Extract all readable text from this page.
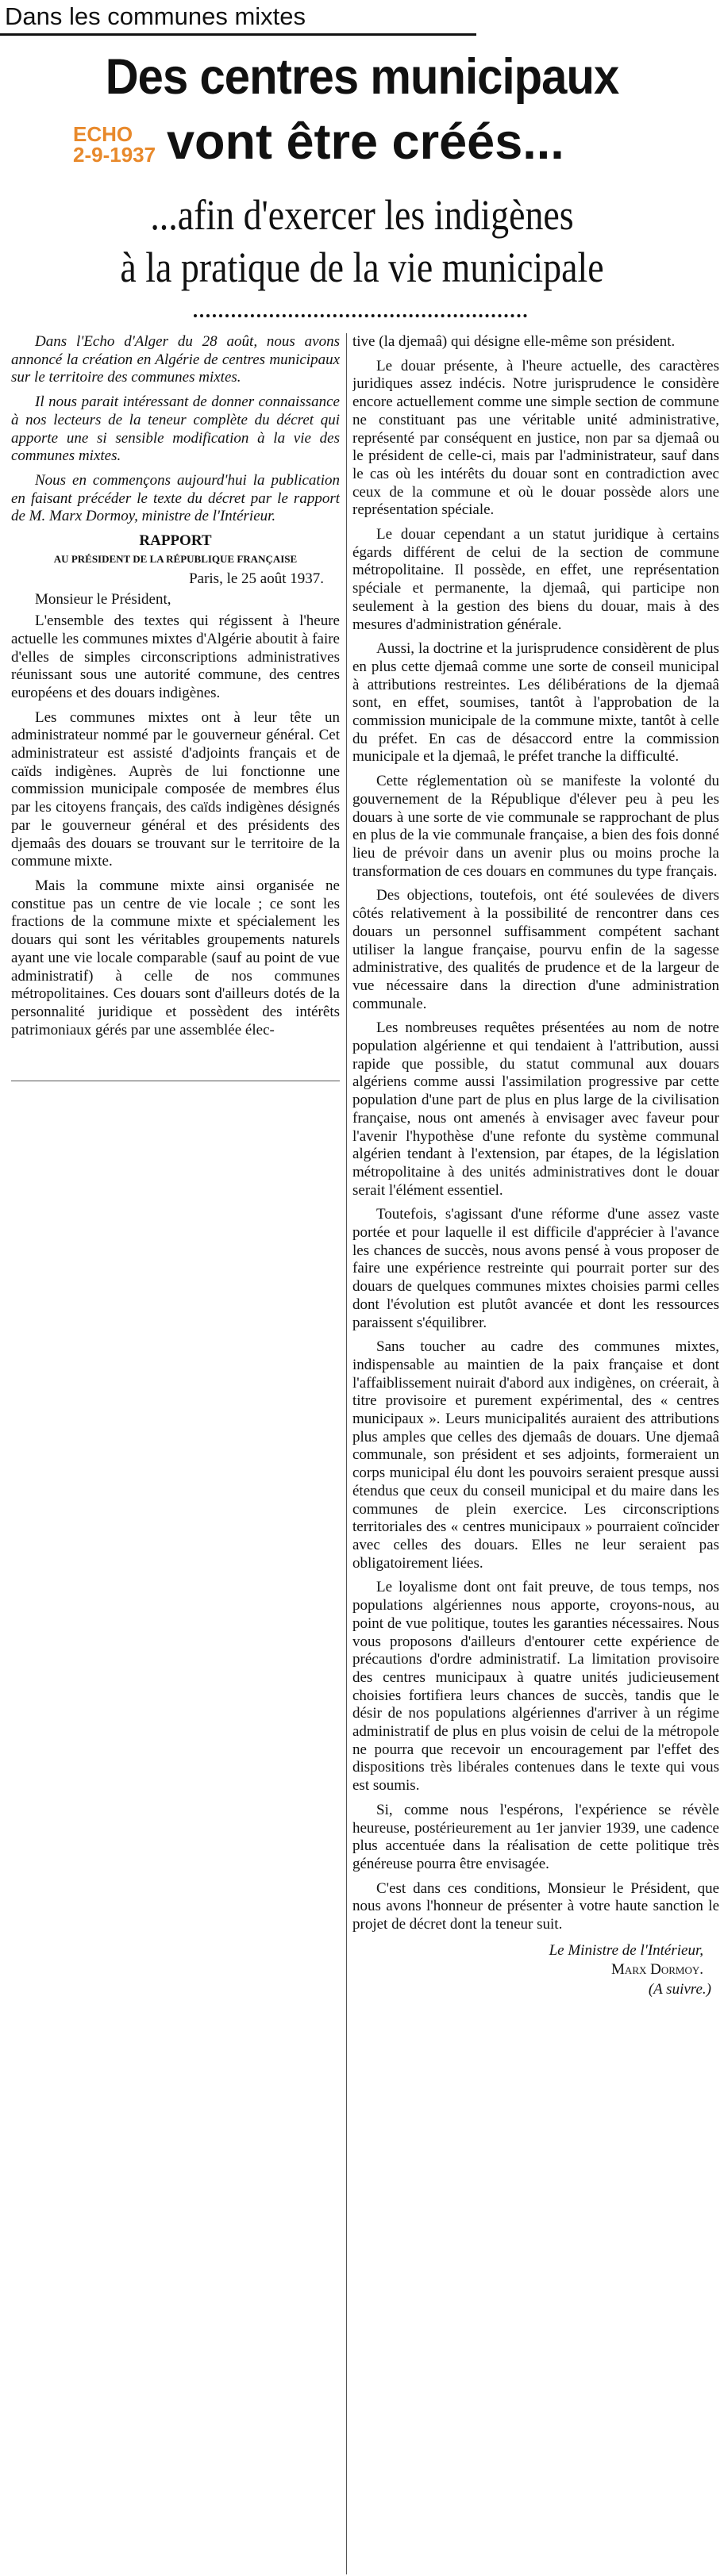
Dans les communes mixtes
Des centres municipaux
ECHO
2-9-1937 vont être créés...
...afin d'exercer les indigènes
à la pratique de la vie municipale

Dans l'Echo d'Alger du 28 août, nous avons annoncé la création en Algérie de centres municipaux sur le territoire des communes mixtes.

Il nous parait intéressant de donner connaissance à nos lecteurs de la teneur complète du décret qui apporte une si sensible modification à la vie des communes mixtes.

Nous en commençons aujourd'hui la publication en faisant précéder le texte du décret par le rapport de M. Marx Dormoy, ministre de l'Intérieur.

RAPPORT

AU PRÉSIDENT DE LA RÉPUBLIQUE FRANÇAISE

Paris, le 25 août 1937.

Monsieur le Président,

L'ensemble des textes qui régissent à l'heure actuelle les communes mixtes d'Algérie aboutit à faire d'elles de simples circonscriptions administratives réunissant sous une autorité commune, des centres européens et des douars indigènes.

Les communes mixtes ont à leur tête un administrateur nommé par le gouverneur général. Cet administrateur est assisté d'adjoints français et de caïds indigènes. Auprès de lui fonctionne une commission municipale composée de membres élus par les citoyens français, des caïds indigènes désignés par le gouverneur général et des présidents des djemaâs des douars se trouvant sur le territoire de la commune mixte.

Mais la commune mixte ainsi organisée ne constitue pas un centre de vie locale ; ce sont les fractions de la commune mixte et spécialement les douars qui sont les véritables groupements naturels ayant une vie locale comparable (sauf au point de vue administratif) à celle de nos communes métropolitaines. Ces douars sont d'ailleurs dotés de la personnalité juridique et possèdent des intérêts patrimoniaux gérés par une assemblée élec-

tive (la djemaâ) qui désigne elle-même son président.

Le douar présente, à l'heure actuelle, des caractères juridiques assez indécis. Notre jurisprudence le considère encore actuellement comme une simple section de commune ne constituant pas une véritable unité administrative, représenté par conséquent en justice, non par sa djemaâ ou le président de celle-ci, mais par l'administrateur, sauf dans le cas où les intérêts du douar sont en contradiction avec ceux de la commune et où le douar possède alors une représentation spéciale.

Le douar cependant a un statut juridique à certains égards différent de celui de la section de commune métropolitaine. Il possède, en effet, une représentation spéciale et permanente, la djemaâ, qui participe non seulement à la gestion des biens du douar, mais à des mesures d'administration générale.

Aussi, la doctrine et la jurisprudence considèrent de plus en plus cette djemaâ comme une sorte de conseil municipal à attributions restreintes. Les délibérations de la djemaâ sont, en effet, soumises, tantôt à l'approbation de la commission municipale de la commune mixte, tantôt à celle du préfet. En cas de désaccord entre la commission municipale et la djemaâ, le préfet tranche la difficulté.

Cette réglementation où se manifeste la volonté du gouvernement de la République d'élever peu à peu les douars à une sorte de vie communale se rapprochant de plus en plus de la vie communale française, a bien des fois donné lieu de prévoir dans un avenir plus ou moins proche la transformation de ces douars en communes du type français.

Des objections, toutefois, ont été soulevées de divers côtés relativement à la possibilité de rencontrer dans ces douars un personnel suffisamment compétent sachant utiliser la langue française, pourvu enfin de la sagesse administrative, des qualités de prudence et de la largeur de vue nécessaire dans la direction d'une administration communale.

Les nombreuses requêtes présentées au nom de notre population algérienne et qui tendaient à l'attribution, aussi rapide que possible, du statut communal aux douars algériens comme aussi l'assimilation progressive par cette population d'une part de plus en plus large de la civilisation française, nous ont amenés à envisager avec faveur pour l'avenir l'hypothèse d'une refonte du système communal algérien tendant à l'extension, par étapes, de la législation métropolitaine à des unités administratives dont le douar serait l'élément essentiel.

Toutefois, s'agissant d'une réforme d'une assez vaste portée et pour laquelle il est difficile d'apprécier à l'avance les chances de succès, nous avons pensé à vous proposer de faire une expérience restreinte qui pourrait porter sur des douars de quelques communes mixtes choisies parmi celles dont l'évolution est plutôt avancée et dont les ressources paraissent s'équilibrer.

Sans toucher au cadre des communes mixtes, indispensable au maintien de la paix française et dont l'affaiblissement nuirait d'abord aux indigènes, on créerait, à titre provisoire et purement expérimental, des « centres municipaux ». Leurs municipalités auraient des attributions plus amples que celles des djemaâs de douars. Une djemaâ communale, son président et ses adjoints, formeraient un corps municipal élu dont les pouvoirs seraient presque aussi étendus que ceux du conseil municipal et du maire dans les communes de plein exercice. Les circonscriptions territoriales des « centres municipaux » pourraient coïncider avec celles des douars. Elles ne leur seraient pas obligatoirement liées.

Le loyalisme dont ont fait preuve, de tous temps, nos populations algériennes nous apporte, croyons-nous, au point de vue politique, toutes les garanties nécessaires. Nous vous proposons d'ailleurs d'entourer cette expérience de précautions d'ordre administratif. La limitation provisoire des centres municipaux à quatre unités judicieusement choisies fortifiera leurs chances de succès, tandis que le désir de nos populations algériennes d'arriver à un régime administratif de plus en plus voisin de celui de la métropole ne pourra que recevoir un encouragement par l'effet des dispositions très libérales contenues dans le texte qui vous est soumis.

Si, comme nous l'espérons, l'expérience se révèle heureuse, postérieurement au 1er janvier 1939, une cadence plus accentuée dans la réalisation de cette politique très généreuse pourra être envisagée.

C'est dans ces conditions, Monsieur le Président, que nous avons l'honneur de présenter à votre haute sanction le projet de décret dont la teneur suit.

Le Ministre de l'Intérieur,

Marx Dormoy.

(A suivre.)
